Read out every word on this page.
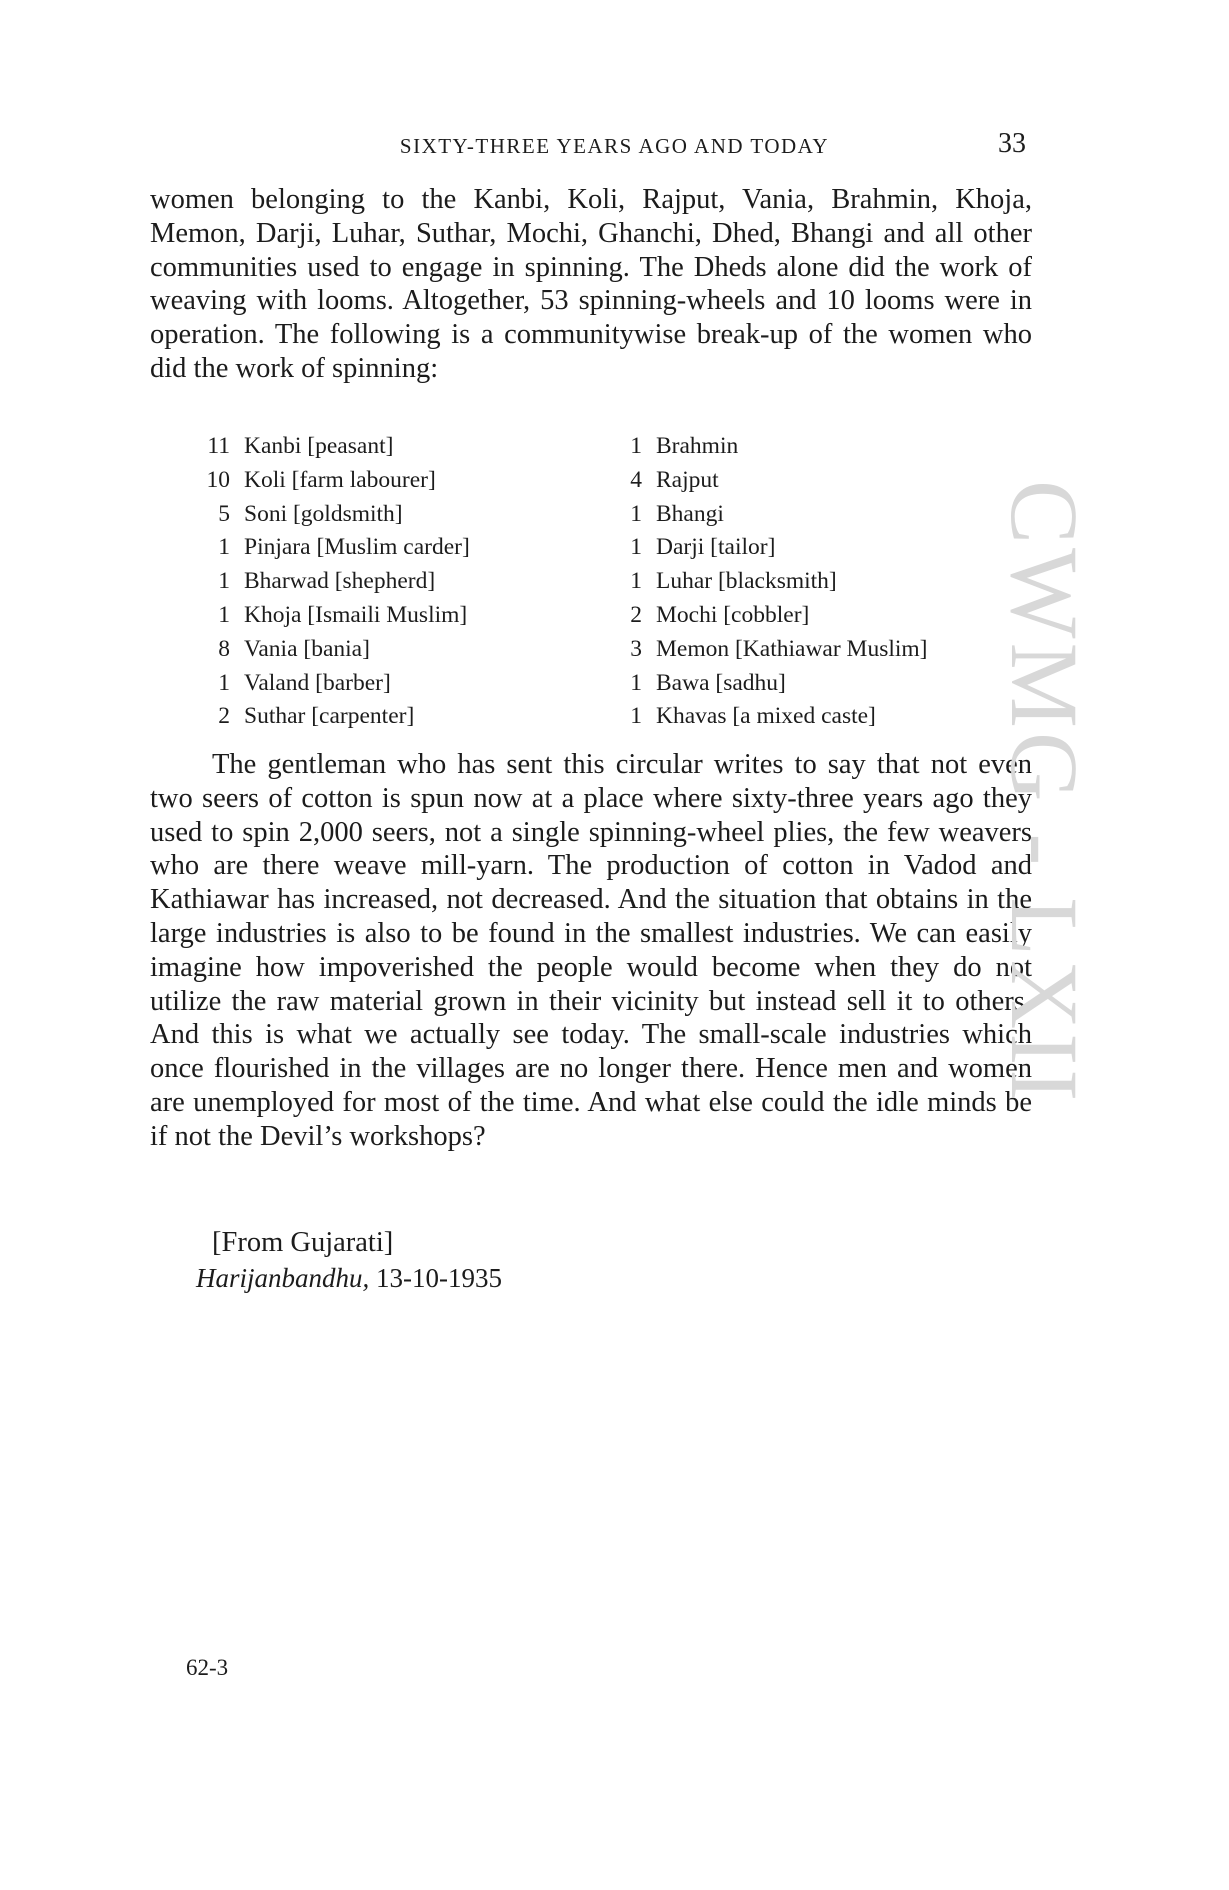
SIXTY-THREE YEARS AGO AND TODAY	33
women belonging to the Kanbi, Koli, Rajput, Vania, Brahmin, Khoja, Memon, Darji, Luhar, Suthar, Mochi, Ghanchi, Dhed, Bhangi and all other communities used to engage in spinning. The Dheds alone did the work of weaving with looms. Altogether, 53 spinning-wheels and 10 looms were in operation. The following is a communitywise break-up of the women who did the work of spinning:
11 Kanbi [peasant]	1 Brahmin
10 Koli [farm labourer]	4 Rajput
5 Soni [goldsmith]	1 Bhangi
1 Pinjara [Muslim carder]	1 Darji [tailor]
1 Bharwad [shepherd]	1 Luhar [blacksmith]
1 Khoja [Ismaili Muslim]	2 Mochi [cobbler]
8 Vania [bania]	3 Memon [Kathiawar Muslim]
1 Valand [barber]	1 Bawa [sadhu]
2 Suthar [carpenter]	1 Khavas [a mixed caste]
The gentleman who has sent this circular writes to say that not even two seers of cotton is spun now at a place where sixty-three years ago they used to spin 2,000 seers, not a single spinning-wheel plies, the few weavers who are there weave mill-yarn. The production of cotton in Vadod and Kathiawar has increased, not decreased. And the situation that obtains in the large industries is also to be found in the smallest industries. We can easily imagine how impoverished the people would become when they do not utilize the raw material grown in their vicinity but instead sell it to others. And this is what we actually see today. The small-scale industries which once flourished in the villages are no longer there. Hence men and women are unemployed for most of the time. And what else could the idle minds be if not the Devil’s workshops?
[From Gujarati]
Harijanbandhu, 13-10-1935
62-3
CWMG - LXII
